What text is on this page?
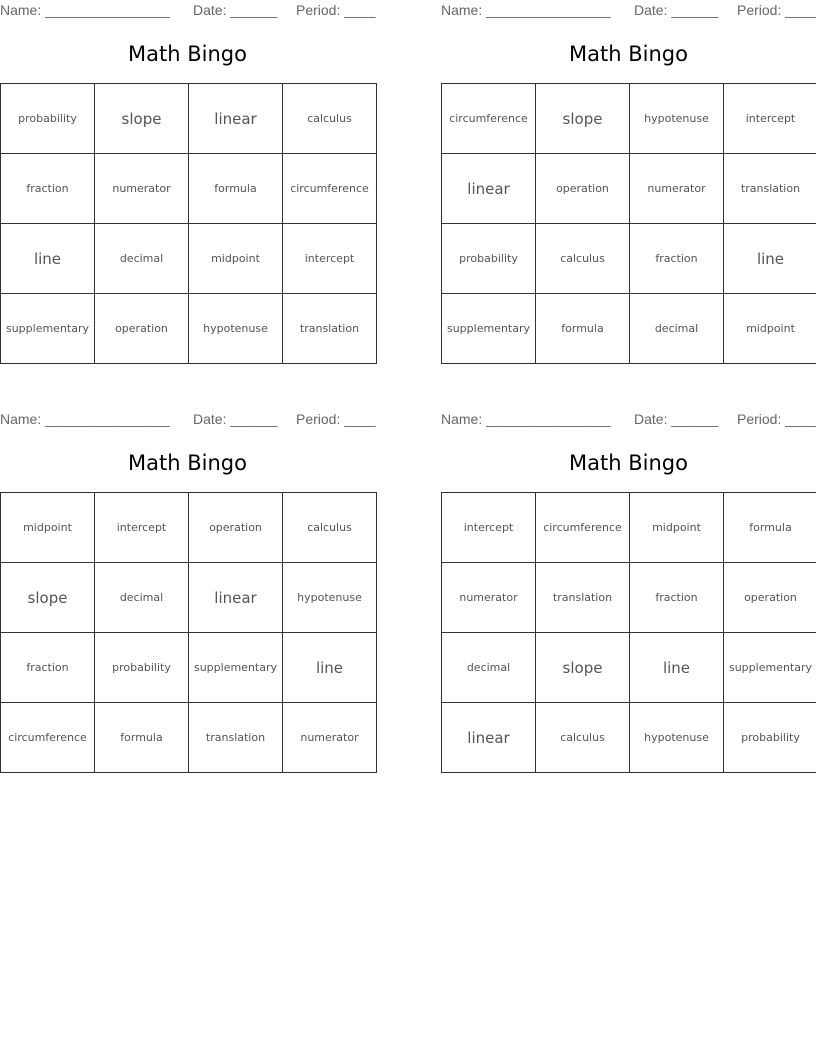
Name: ________________ Date: ______ Period: ____
Math Bingo
probability	slope	linear	calculus
fraction	numerator	formula	circumference
line	decimal	midpoint	intercept
supplementary	operation	hypotenuse	translation
Name: ________________ Date: ______ Period: ____
Math Bingo
circumference	slope	hypotenuse	intercept
linear	operation	numerator	translation
probability	calculus	fraction	line
supplementary	formula	decimal	midpoint
Name: ________________ Date: ______ Period: ____
Math Bingo
midpoint	intercept	operation	calculus
slope	decimal	linear	hypotenuse
fraction	probability	supplementary	line
circumference	formula	translation	numerator
Name: ________________ Date: ______ Period: ____
Math Bingo
intercept	circumference	midpoint	formula
numerator	translation	fraction	operation
decimal	slope	line	supplementary
linear	calculus	hypotenuse	probability
